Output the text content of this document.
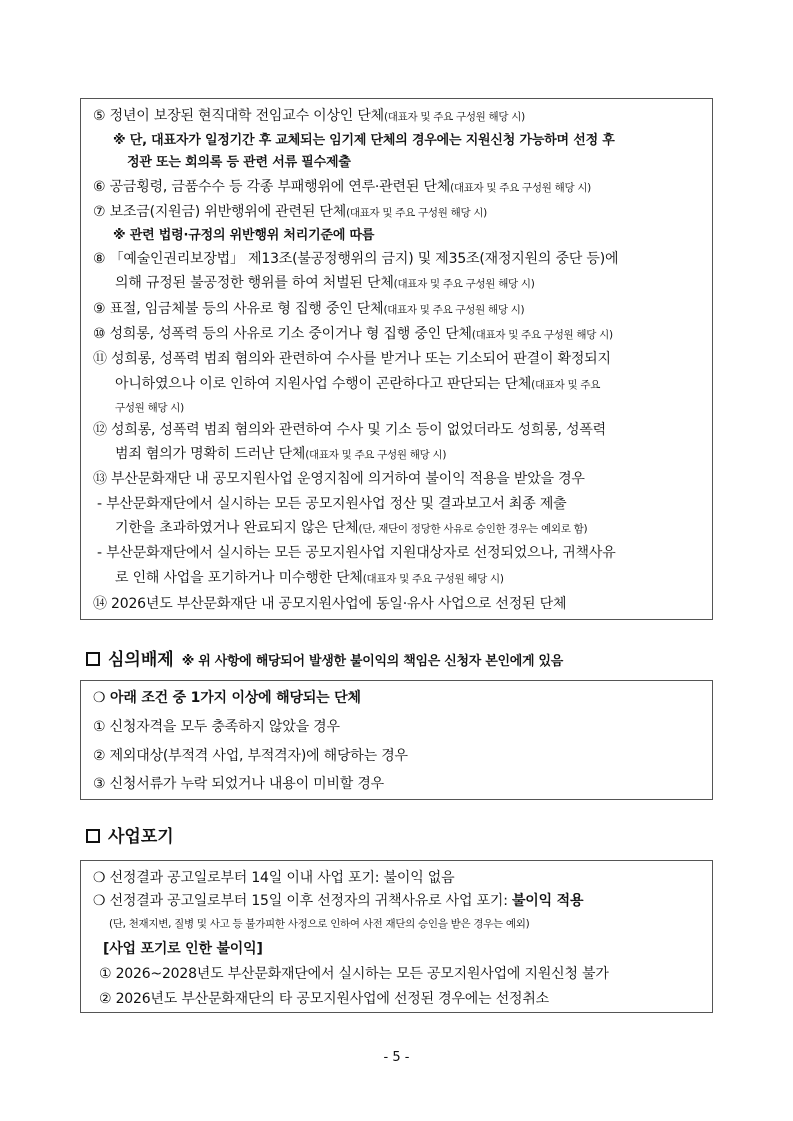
⑤ 정년이 보장된 현직대학 전임교수 이상인 단체(대표자 및 주요 구성원 해당 시)
※ 단, 대표자가 일정기간 후 교체되는 임기제 단체의 경우에는 지원신청 가능하며 선정 후
정관 또는 회의록 등 관련 서류 필수제출
⑥ 공금횡령, 금품수수 등 각종 부패행위에 연루·관련된 단체(대표자 및 주요 구성원 해당 시)
⑦ 보조금(지원금) 위반행위에 관련된 단체(대표자 및 주요 구성원 해당 시)
※ 관련 법령·규정의 위반행위 처리기준에 따름
⑧ 「예술인권리보장법」 제13조(불공정행위의 금지) 및 제35조(재정지원의 중단 등)에
의해 규정된 불공정한 행위를 하여 처벌된 단체(대표자 및 주요 구성원 해당 시)
⑨ 표절, 임금체불 등의 사유로 형 집행 중인 단체(대표자 및 주요 구성원 해당 시)
⑩ 성희롱, 성폭력 등의 사유로 기소 중이거나 형 집행 중인 단체(대표자 및 주요 구성원 해당 시)
⑪ 성희롱, 성폭력 범죄 혐의와 관련하여 수사를 받거나 또는 기소되어 판결이 확정되지
아니하였으나 이로 인하여 지원사업 수행이 곤란하다고 판단되는 단체(대표자 및 주요
구성원 해당 시)
⑫ 성희롱, 성폭력 범죄 혐의와 관련하여 수사 및 기소 등이 없었더라도 성희롱, 성폭력
범죄 혐의가 명확히 드러난 단체(대표자 및 주요 구성원 해당 시)
⑬ 부산문화재단 내 공모지원사업 운영지침에 의거하여 불이익 적용을 받았을 경우
- 부산문화재단에서 실시하는 모든 공모지원사업 정산 및 결과보고서 최종 제출
기한을 초과하였거나 완료되지 않은 단체(단, 재단이 정당한 사유로 승인한 경우는 예외로 함)
- 부산문화재단에서 실시하는 모든 공모지원사업 지원대상자로 선정되었으나, 귀책사유
로 인해 사업을 포기하거나 미수행한 단체(대표자 및 주요 구성원 해당 시)
⑭ 2026년도 부산문화재단 내 공모지원사업에 동일·유사 사업으로 선정된 단체
심의배제 ※ 위 사항에 해당되어 발생한 불이익의 책임은 신청자 본인에게 있음
❍ 아래 조건 중 1가지 이상에 해당되는 단체
① 신청자격을 모두 충족하지 않았을 경우
② 제외대상(부적격 사업, 부적격자)에 해당하는 경우
③ 신청서류가 누락 되었거나 내용이 미비할 경우
사업포기
❍ 선정결과 공고일로부터 14일 이내 사업 포기: 불이익 없음
❍ 선정결과 공고일로부터 15일 이후 선정자의 귀책사유로 사업 포기: 불이익 적용
(단, 천재지변, 질병 및 사고 등 불가피한 사정으로 인하여 사전 재단의 승인을 받은 경우는 예외)
[사업 포기로 인한 불이익]
① 2026~2028년도 부산문화재단에서 실시하는 모든 공모지원사업에 지원신청 불가
② 2026년도 부산문화재단의 타 공모지원사업에 선정된 경우에는 선정취소
- 5 -
